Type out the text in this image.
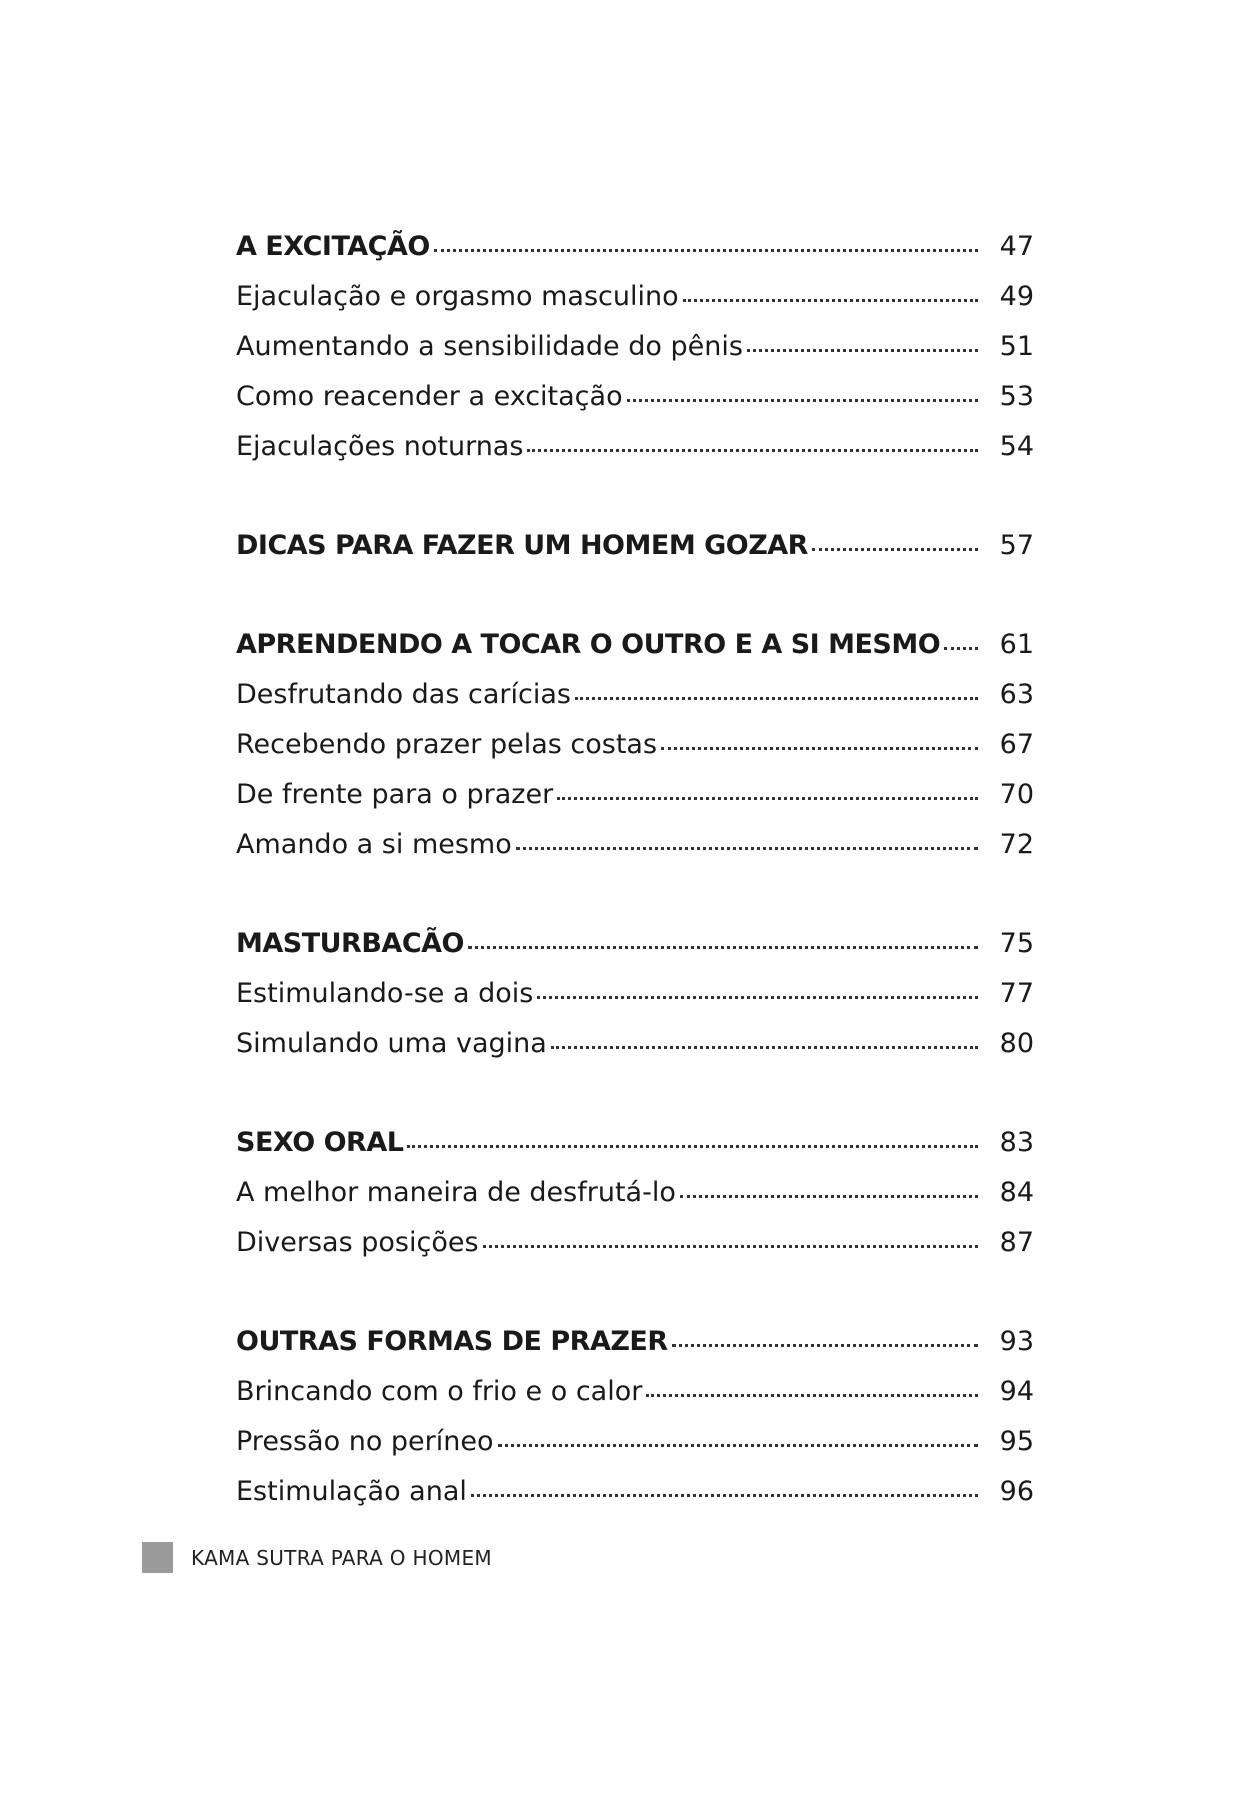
A EXCITAÇÃO	47
Ejaculação e orgasmo masculino	49
Aumentando a sensibilidade do pênis	51
Como reacender a excitação	53
Ejaculações noturnas	54
DICAS PARA FAZER UM HOMEM GOZAR	57
APRENDENDO A TOCAR O OUTRO E A SI MESMO	61
Desfrutando das carícias	63
Recebendo prazer pelas costas	67
De frente para o prazer	70
Amando a si mesmo	72
MASTURBACÃO	75
Estimulando-se a dois	77
Simulando uma vagina	80
SEXO ORAL	83
A melhor maneira de desfrutá-lo	84
Diversas posições	87
OUTRAS FORMAS DE PRAZER	93
Brincando com o frio e o calor	94
Pressão no períneo	95
Estimulação anal	96
KAMA SUTRA PARA O HOMEM
